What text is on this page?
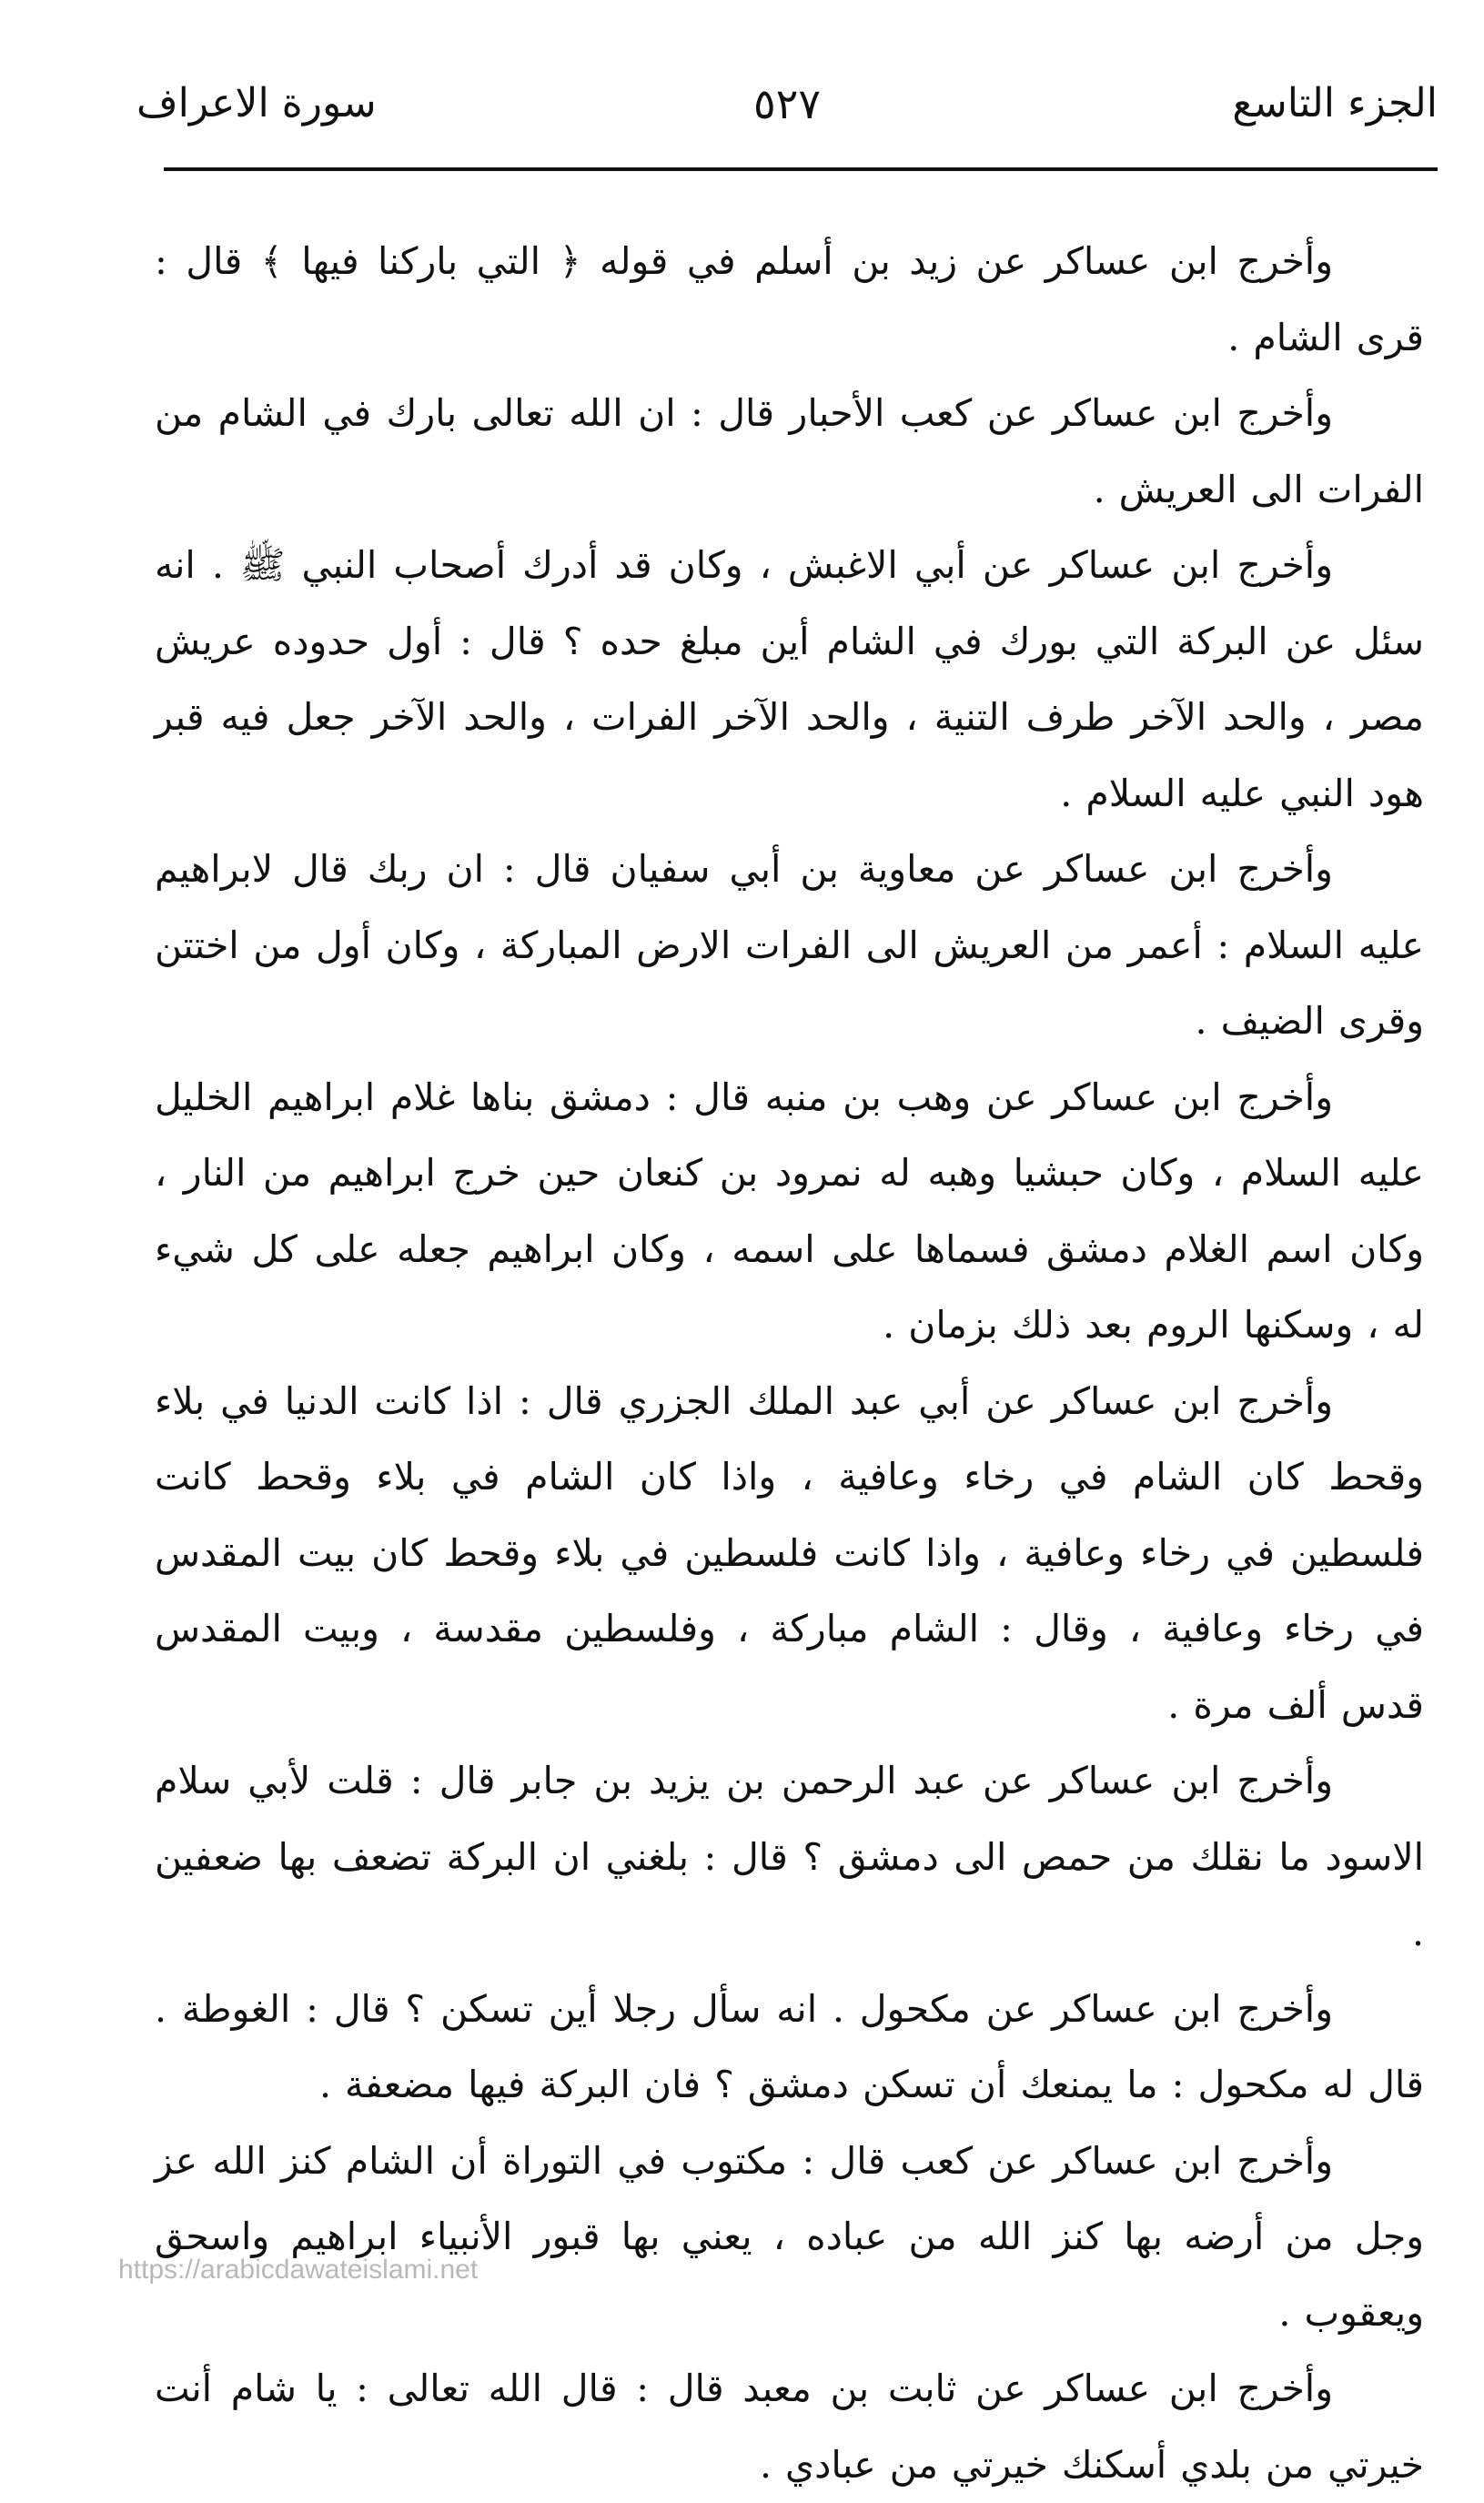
الجزء التاسع
٥٢٧
سورة الاعراف

وأخرج ابن عساكر عن زيد بن أسلم في قوله ﴿ التي باركنا فيها ﴾ قال : قرى الشام .

وأخرج ابن عساكر عن كعب الأحبار قال : ان الله تعالى بارك في الشام من الفرات الى العريش .

وأخرج ابن عساكر عن أبي الاغبش ، وكان قد أدرك أصحاب النبي ﷺ . انه سئل عن البركة التي بورك في الشام أين مبلغ حده ؟ قال : أول حدوده عريش مصر ، والحد الآخر طرف التنية ، والحد الآخر الفرات ، والحد الآخر جعل فيه قبر هود النبي عليه السلام .

وأخرج ابن عساكر عن معاوية بن أبي سفيان قال : ان ربك قال لابراهيم عليه السلام : أعمر من العريش الى الفرات الارض المباركة ، وكان أول من اختتن وقرى الضيف .

وأخرج ابن عساكر عن وهب بن منبه قال : دمشق بناها غلام ابراهيم الخليل عليه السلام ، وكان حبشيا وهبه له نمرود بن كنعان حين خرج ابراهيم من النار ، وكان اسم الغلام دمشق فسماها على اسمه ، وكان ابراهيم جعله على كل شيء له ، وسكنها الروم بعد ذلك بزمان .

وأخرج ابن عساكر عن أبي عبد الملك الجزري قال : اذا كانت الدنيا في بلاء وقحط كان الشام في رخاء وعافية ، واذا كان الشام في بلاء وقحط كانت فلسطين في رخاء وعافية ، واذا كانت فلسطين في بلاء وقحط كان بيت المقدس في رخاء وعافية ، وقال : الشام مباركة ، وفلسطين مقدسة ، وبيت المقدس قدس ألف مرة .

وأخرج ابن عساكر عن عبد الرحمن بن يزيد بن جابر قال : قلت لأبي سلام الاسود ما نقلك من حمص الى دمشق ؟ قال : بلغني ان البركة تضعف بها ضعفين .

وأخرج ابن عساكر عن مكحول . انه سأل رجلا أين تسكن ؟ قال : الغوطة . قال له مكحول : ما يمنعك أن تسكن دمشق ؟ فان البركة فيها مضعفة .

وأخرج ابن عساكر عن كعب قال : مكتوب في التوراة أن الشام كنز الله عز وجل من أرضه بها كنز الله من عباده ، يعني بها قبور الأنبياء ابراهيم واسحق ويعقوب .

وأخرج ابن عساكر عن ثابت بن معبد قال : قال الله تعالى : يا شام أنت خيرتي من بلدي أسكنك خيرتي من عبادي .

https://arabicdawateislami.net
